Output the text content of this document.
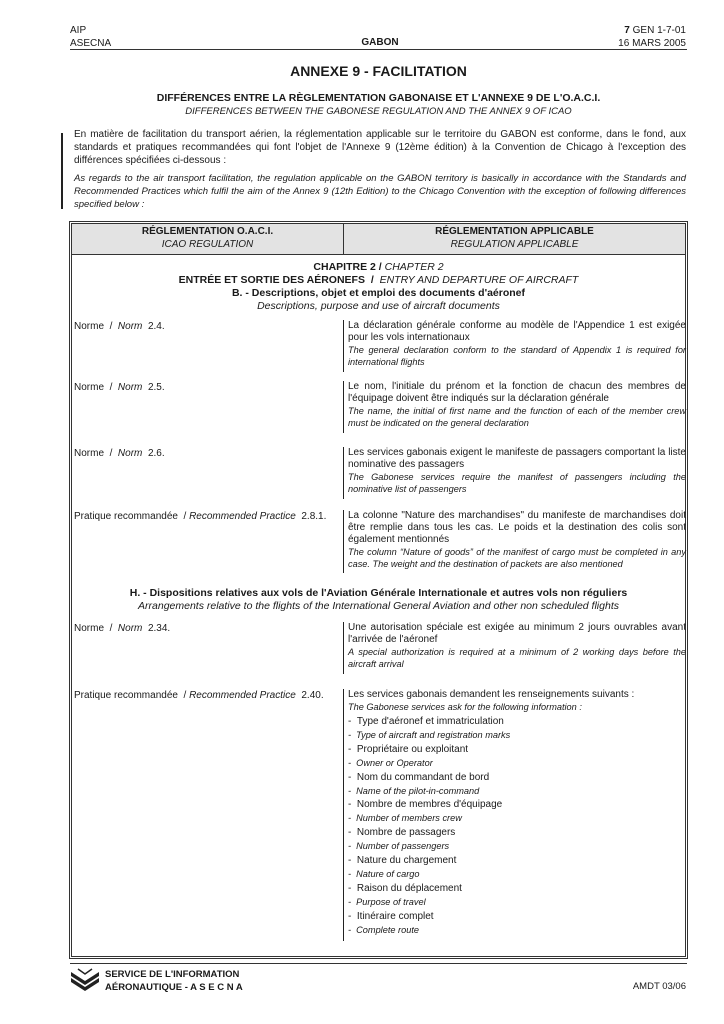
AIP
ASECNA	GABON
7 GEN 1-7-01
16 MARS 2005
ANNEXE 9 - FACILITATION
DIFFÉRENCES ENTRE LA RÈGLEMENTATION GABONAISE ET L'ANNEXE 9 DE L'O.A.C.I.
DIFFERENCES BETWEEN THE GABONESE REGULATION AND THE ANNEX 9 OF ICAO
En matière de facilitation du transport aérien, la réglementation applicable sur le territoire du GABON est conforme, dans le fond, aux standards et pratiques recommandées qui font l'objet de l'Annexe 9 (12ème édition) à la Convention de Chicago à l'exception des différences spécifiées ci-dessous :
As regards to the air transport facilitation, the regulation applicable on the GABON territory is basically in accordance with the Standards and Recommended Practices which fulfil the aim of the Annex 9 (12th Edition) to the Chicago Convention with the exception of following differences specified below :
RÉGLEMENTATION O.A.C.I.
ICAO REGULATION
RÉGLEMENTATION APPLICABLE
REGULATION APPLICABLE
CHAPITRE 2 / CHAPTER 2
ENTRÉE ET SORTIE DES AÉRONEFS / ENTRY AND DEPARTURE OF AIRCRAFT
B. - Descriptions, objet et emploi des documents d'aéronef
Descriptions, purpose and use of aircraft documents
Norme  /  Norm 2.4.	La déclaration générale conforme au modèle de l'Appendice 1 est exigée pour les vols internationaux
The general declaration conform to the standard of Appendix 1 is required for international flights
Norme  /  Norm 2.5.	Le nom, l'initiale du prénom et la fonction de chacun des membres de l'équipage doivent être indiqués sur la déclaration générale
The name, the initial of first name and the function of each of the member crew must be indicated on the general declaration
Norme  /  Norm 2.6.	Les services gabonais exigent le manifeste de passagers comportant la liste nominative des passagers
The Gabonese services require the manifest of passengers including the nominative list of passengers
Pratique recommandée  / Recommended Practice 2.8.1.	La colonne "Nature des marchandises" du manifeste de marchandises doit être remplie dans tous les cas. Le poids et la destination des colis sont également mentionnés
The column “Nature of goods” of the manifest of cargo must be completed in any case. The weight and the destination of packets are also mentioned
H. - Dispositions relatives aux vols de l'Aviation Générale Internationale et autres vols non réguliers
Arrangements relative to the flights of the International General Aviation and other non scheduled flights
Norme  /  Norm 2.34.	Une autorisation spéciale est exigée au minimum 2 jours ouvrables avant l'arrivée de l'aéronef
A special authorization is required at a minimum of 2 working days before the aircraft arrival
Pratique recommandée  / Recommended Practice 2.40.	Les services gabonais demandent les renseignements suivants :
The Gabonese services ask for the following information :
-  Type d'aéronef et immatriculation
-  Type of aircraft and registration marks
-  Propriétaire ou exploitant
-  Owner or Operator
-  Nom du commandant de bord
-  Name of the pilot-in-command
-  Nombre de membres d'équipage
-  Number of members crew
-  Nombre de passagers
-  Number of passengers
-  Nature du chargement
-  Nature of cargo
-  Raison du déplacement
-  Purpose of travel
-  Itinéraire complet
-  Complete route
SERVICE DE L'INFORMATION
AÉRONAUTIQUE - A S E C N A	AMDT 03/06
